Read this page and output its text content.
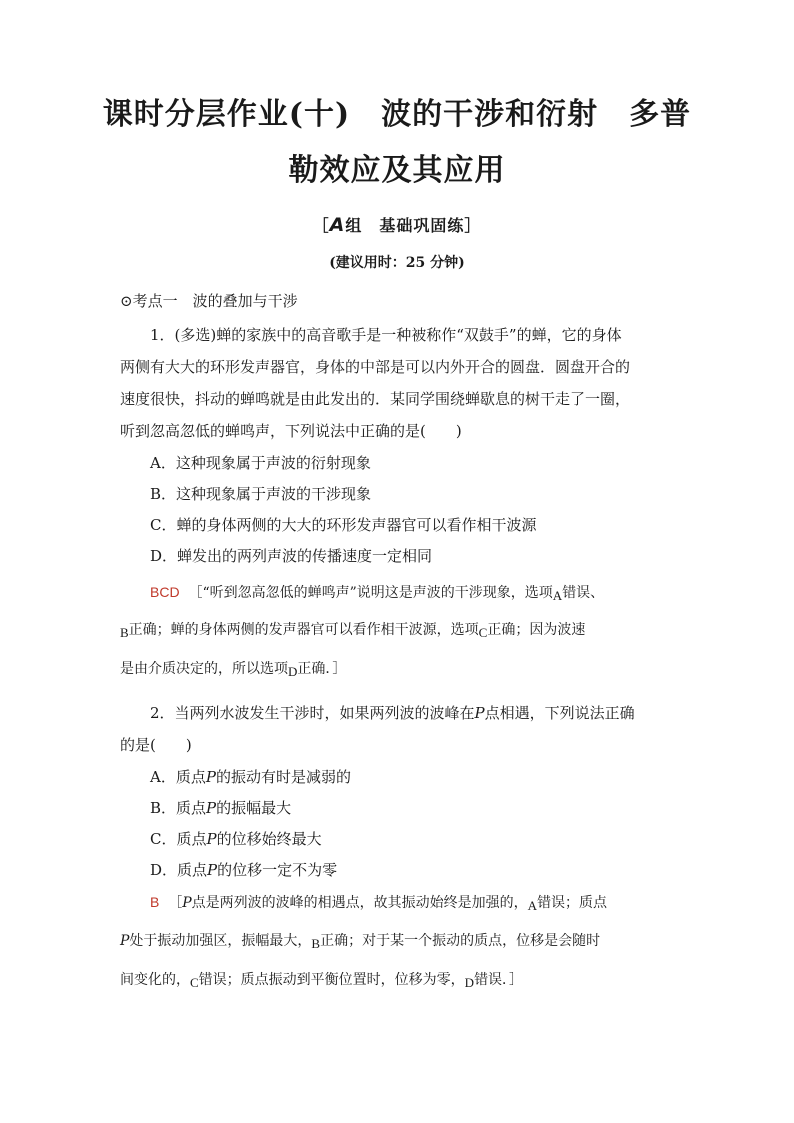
课时分层作业(十)　波的干涉和衍射　多普
勒效应及其应用
［A组　基础巩固练］
(建议用时：25 分钟)
⊙考点一　波的叠加与干涉
1．(多选)蝉的家族中的高音歌手是一种被称作“双鼓手”的蝉，它的身体
两侧有大大的环形发声器官，身体的中部是可以内外开合的圆盘．圆盘开合的
速度很快，抖动的蝉鸣就是由此发出的．某同学围绕蝉歇息的树干走了一圈，
听到忽高忽低的蝉鸣声，下列说法中正确的是(　　)
A．这种现象属于声波的衍射现象
B．这种现象属于声波的干涉现象
C．蝉的身体两侧的大大的环形发声器官可以看作相干波源
D．蝉发出的两列声波的传播速度一定相同
BCD ［“听到忽高忽低的蝉鸣声”说明这是声波的干涉现象，选项A错误、
B正确；蝉的身体两侧的发声器官可以看作相干波源，选项C正确；因为波速
是由介质决定的，所以选项D正确．］
2．当两列水波发生干涉时，如果两列波的波峰在P点相遇，下列说法正确
的是(　　)
A．质点P的振动有时是减弱的
B．质点P的振幅最大
C．质点P的位移始终最大
D．质点P的位移一定不为零
B ［P点是两列波的波峰的相遇点，故其振动始终是加强的，A错误；质点
P处于振动加强区，振幅最大，B正确；对于某一个振动的质点，位移是会随时
间变化的，C错误；质点振动到平衡位置时，位移为零，D错误．］
